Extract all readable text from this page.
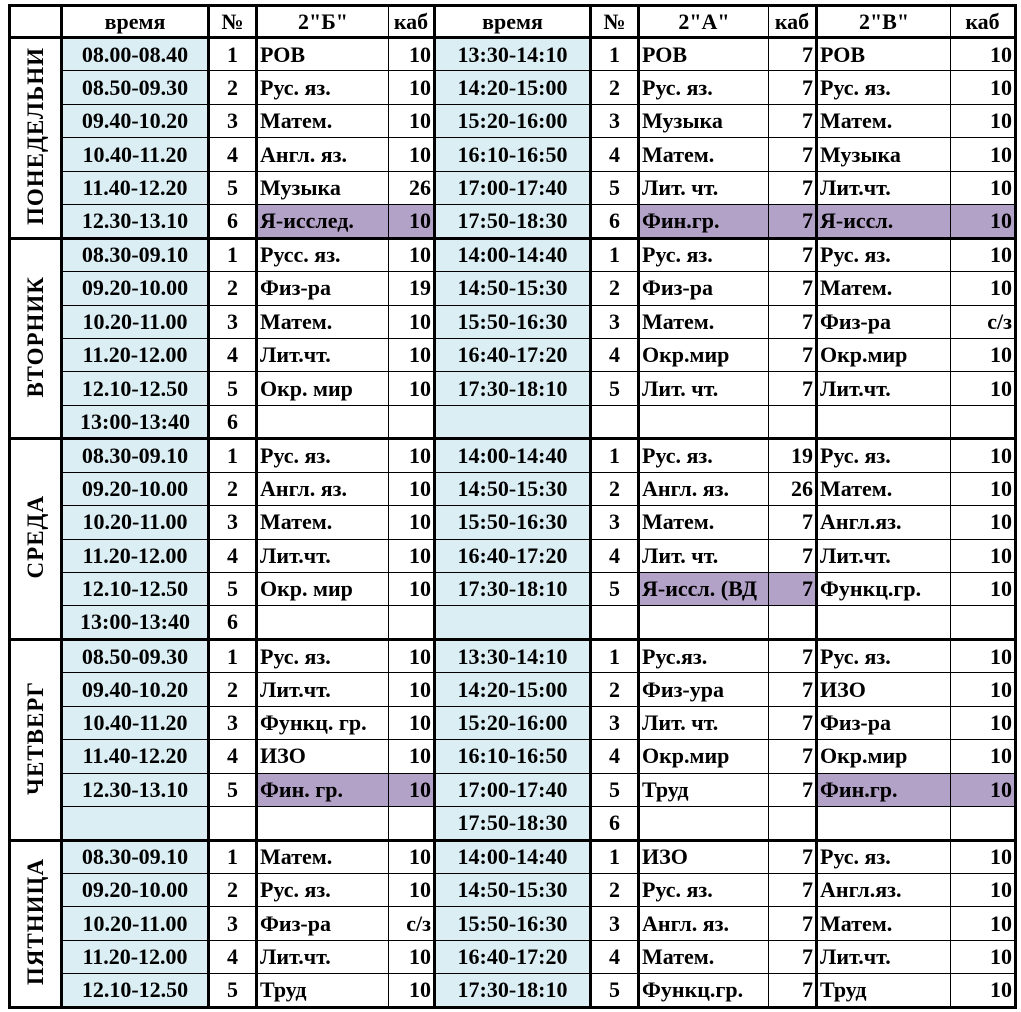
	время	№	2"Б"	каб	время	№	2"А"	каб	2"В"	каб
ПОНЕДЕЛЬНИ	08.00-08.40	1	РОВ	10	13:30-14:10	1	РОВ	7	РОВ	10
	08.50-09.30	2	Рус. яз.	10	14:20-15:00	2	Рус. яз.	7	Рус. яз.	10
	09.40-10.20	3	Матем.	10	15:20-16:00	3	Музыка	7	Матем.	10
	10.40-11.20	4	Англ. яз.	10	16:10-16:50	4	Матем.	7	Музыка	10
	11.40-12.20	5	Музыка	26	17:00-17:40	5	Лит. чт.	7	Лит.чт.	10
	12.30-13.10	6	Я-исслед.	10	17:50-18:30	6	Фин.гр.	7	Я-иссл.	10
ВТОРНИК	08.30-09.10	1	Русс. яз.	10	14:00-14:40	1	Рус. яз.	7	Рус. яз.	10
	09.20-10.00	2	Физ-ра	19	14:50-15:30	2	Физ-ра	7	Матем.	10
	10.20-11.00	3	Матем.	10	15:50-16:30	3	Матем.	7	Физ-ра	с/з
	11.20-12.00	4	Лит.чт.	10	16:40-17:20	4	Окр.мир	7	Окр.мир	10
	12.10-12.50	5	Окр. мир	10	17:30-18:10	5	Лит. чт.	7	Лит.чт.	10
	13:00-13:40	6								
СРЕДА	08.30-09.10	1	Рус. яз.	10	14:00-14:40	1	Рус. яз.	19	Рус. яз.	10
	09.20-10.00	2	Англ. яз.	10	14:50-15:30	2	Англ. яз.	26	Матем.	10
	10.20-11.00	3	Матем.	10	15:50-16:30	3	Матем.	7	Англ.яз.	10
	11.20-12.00	4	Лит.чт.	10	16:40-17:20	4	Лит. чт.	7	Лит.чт.	10
	12.10-12.50	5	Окр. мир	10	17:30-18:10	5	Я-иссл. (ВД	7	Функц.гр.	10
	13:00-13:40	6								
ЧЕТВЕРГ	08.50-09.30	1	Рус. яз.	10	13:30-14:10	1	Рус.яз.	7	Рус. яз.	10
	09.40-10.20	2	Лит.чт.	10	14:20-15:00	2	Физ-ура	7	ИЗО	10
	10.40-11.20	3	Функц. гр.	10	15:20-16:00	3	Лит. чт.	7	Физ-ра	10
	11.40-12.20	4	ИЗО	10	16:10-16:50	4	Окр.мир	7	Окр.мир	10
	12.30-13.10	5	Фин. гр.	10	17:00-17:40	5	Труд	7	Фин.гр.	10
					17:50-18:30	6				
ПЯТНИЦА	08.30-09.10	1	Матем.	10	14:00-14:40	1	ИЗО	7	Рус. яз.	10
	09.20-10.00	2	Рус. яз.	10	14:50-15:30	2	Рус. яз.	7	Англ.яз.	10
	10.20-11.00	3	Физ-ра	с/з	15:50-16:30	3	Англ. яз.	7	Матем.	10
	11.20-12.00	4	Лит.чт.	10	16:40-17:20	4	Матем.	7	Лит.чт.	10
	12.10-12.50	5	Труд	10	17:30-18:10	5	Функц.гр.	7	Труд	10
